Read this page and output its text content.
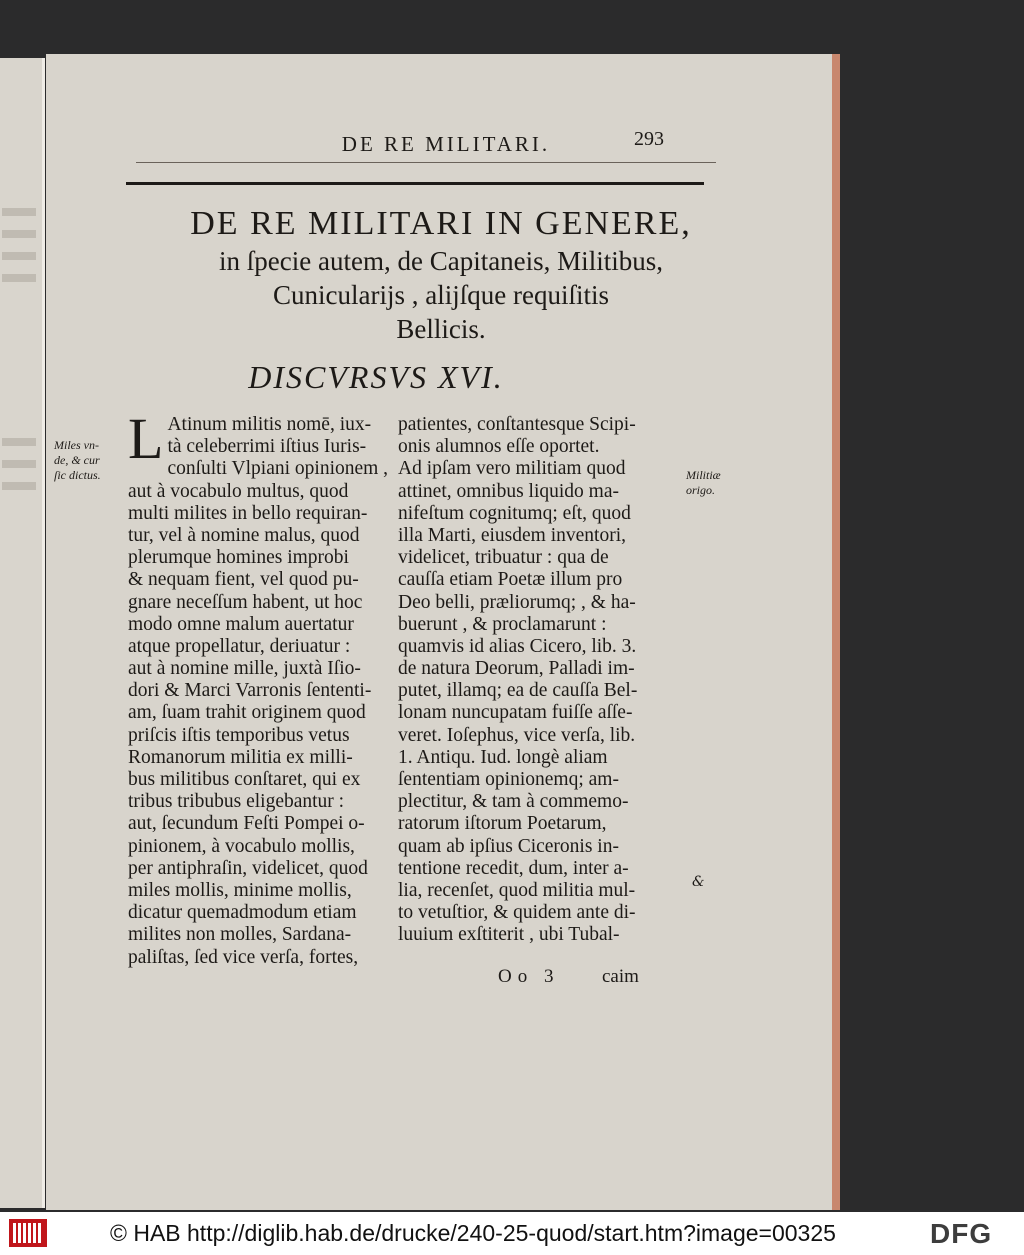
DE RE MILITARI.	293
DE RE MILITARI IN GENERE,
in ſpecie autem, de Capitaneis, Militibus,
Cuniculariјs , aliјſque requiſitis
Bellicis.
DISCVRSVS XVI.
Miles vn-
de, & cur
ſic dictus.	Militiæ
origo.
L Atinum militis nomē, iux-
tà celeberrimi iſtius Iuris-
conſulti Vlpiani opinionem ,
aut à vocabulo multus, quod
multi milites in bello requiran-
tur, vel à nomine malus, quod
plerumque homines improbi
& nequam fient, vel quod pu-
gnare neceſſum habent, ut hoc
modo omne malum auertatur
atque propellatur, deriuatur :
aut à nomine mille, juxtà Iſio-
dori & Marci Varronis ſententi-
am, ſuam trahit originem quod
priſcis iſtis temporibus vetus
Romanorum militia ex milli-
bus militibus conſtaret, qui ex
tribus tribubus eligebantur :
aut, ſecundum Feſti Pompei o-
pinionem, à vocabulo mollis,
per antiphraſin, videlicet, quod
miles mollis, minime mollis,
dicatur quemadmodum etiam
milites non molles, Sardana-
paliſtas, ſed vice verſa, fortes,
patientes, conſtantesque Scipi-
onis alumnos eſſe oportet.
Ad ipſam vero militiam quod
attinet, omnibus liquido ma-
nifeſtum cognitumq; eſt, quod
illa Marti, eiusdem inventori,
videlicet, tribuatur : qua de
cauſſa etiam Poetæ illum pro
Deo belli, præliorumq; , & ha-
buerunt , & proclamarunt :
quamvis id alias Cicero, lib. 3.
de natura Deorum, Palladi im-
putet, illamq; ea de cauſſa Bel-
lonam nuncupatam fuiſſe aſſe-
veret. Ioſephus, vice verſa, lib.
1. Antiqu. Iud. longè aliam
ſententiam opinionemq; am-
plectitur, & tam à commemo-
ratorum iſtorum Poetarum,
quam ab ipſius Ciceronis in-
tentione recedit, dum, inter a-
lia, recenſet, quod militia mul-
to vetuſtior, & quidem ante di-
luuium exſtiterit , ubi Tubal-
&
Oo 3 caim
© HAB http://diglib.hab.de/drucke/240-25-quod/start.htm?image=00325	DFG
